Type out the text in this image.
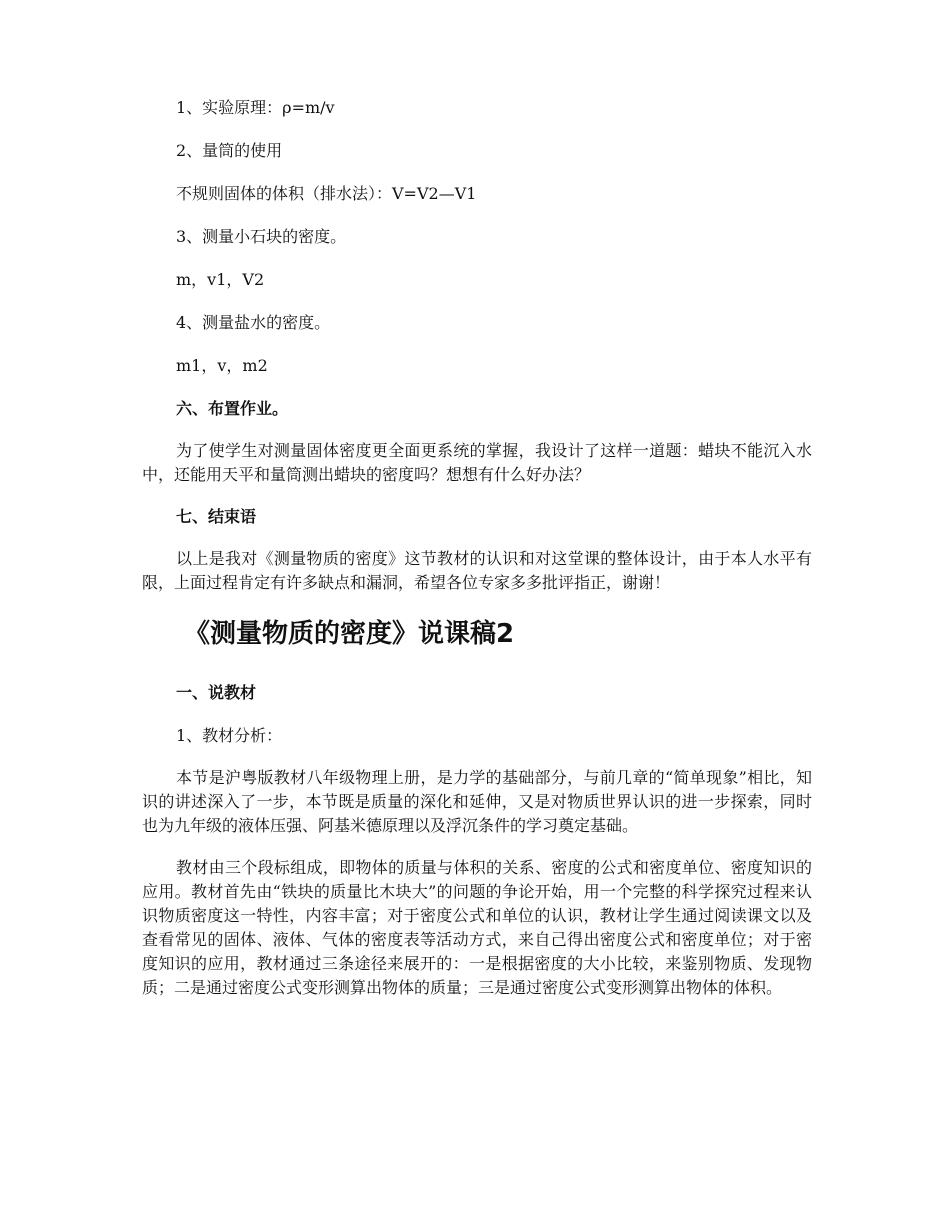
1、实验原理：ρ=m/v

2、量筒的使用

不规则固体的体积（排水法）：V=V2—V1

3、测量小石块的密度。

m，v1，V2

4、测量盐水的密度。

m1，v，m2

六、布置作业。

为了使学生对测量固体密度更全面更系统的掌握，我设计了这样一道题：蜡块不能沉入水中，还能用天平和量筒测出蜡块的密度吗？想想有什么好办法？

七、结束语

以上是我对《测量物质的密度》这节教材的认识和对这堂课的整体设计，由于本人水平有限，上面过程肯定有许多缺点和漏洞，希望各位专家多多批评指正，谢谢！

《测量物质的密度》说课稿2

一、说教材

1、教材分析：

本节是沪粤版教材八年级物理上册，是力学的基础部分，与前几章的“简单现象”相比，知识的讲述深入了一步，本节既是质量的深化和延伸，又是对物质世界认识的进一步探索，同时也为九年级的液体压强、阿基米德原理以及浮沉条件的学习奠定基础。

教材由三个段标组成，即物体的质量与体积的关系、密度的公式和密度单位、密度知识的应用。教材首先由“铁块的质量比木块大”的问题的争论开始，用一个完整的科学探究过程来认识物质密度这一特性，内容丰富；对于密度公式和单位的认识，教材让学生通过阅读课文以及查看常见的固体、液体、气体的密度表等活动方式，来自己得出密度公式和密度单位；对于密度知识的应用，教材通过三条途径来展开的：一是根据密度的大小比较，来鉴别物质、发现物质；二是通过密度公式变形测算出物体的质量；三是通过密度公式变形测算出物体的体积。
